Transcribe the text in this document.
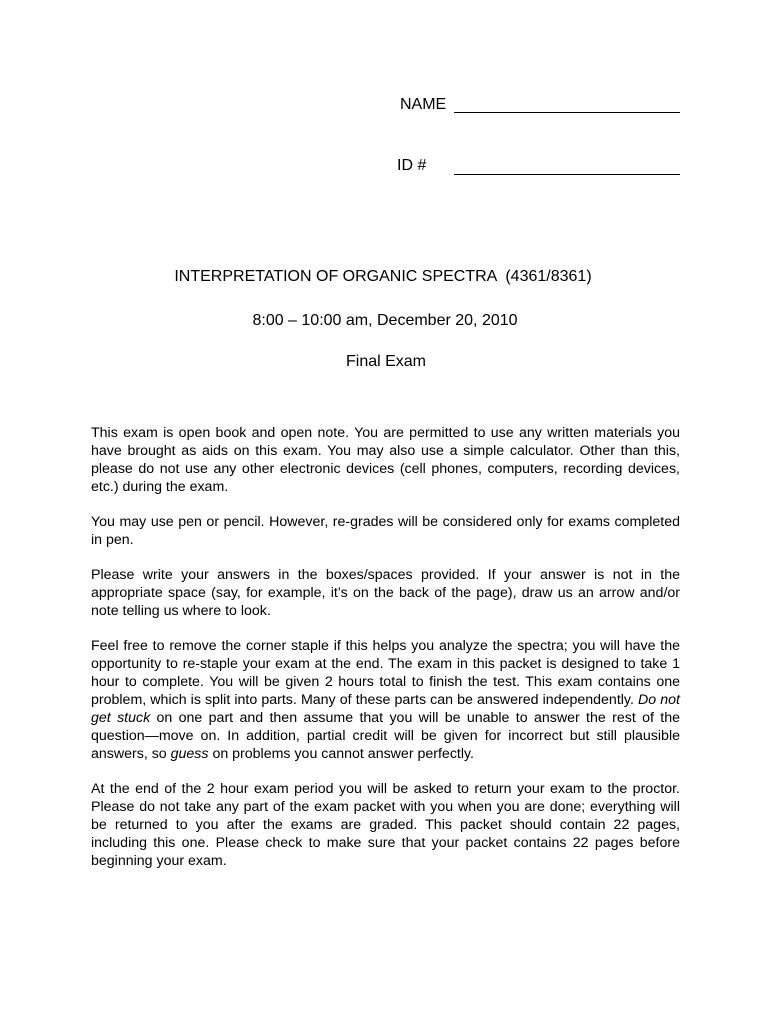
NAME
ID #
INTERPRETATION OF ORGANIC SPECTRA  (4361/8361)
8:00 – 10:00 am, December 20, 2010
Final Exam

This exam is open book and open note. You are permitted to use any written materials you have brought as aids on this exam. You may also use a simple calculator. Other than this, please do not use any other electronic devices (cell phones, computers, recording devices, etc.) during the exam.

You may use pen or pencil. However, re-grades will be considered only for exams completed in pen.

Please write your answers in the boxes/spaces provided. If your answer is not in the appropriate space (say, for example, it’s on the back of the page), draw us an arrow and/or note telling us where to look.

Feel free to remove the corner staple if this helps you analyze the spectra; you will have the opportunity to re-staple your exam at the end. The exam in this packet is designed to take 1 hour to complete. You will be given 2 hours total to finish the test. This exam contains one problem, which is split into parts. Many of these parts can be answered independently. Do not get stuck on one part and then assume that you will be unable to answer the rest of the question—move on. In addition, partial credit will be given for incorrect but still plausible answers, so guess on problems you cannot answer perfectly.

At the end of the 2 hour exam period you will be asked to return your exam to the proctor. Please do not take any part of the exam packet with you when you are done; everything will be returned to you after the exams are graded. This packet should contain 22 pages, including this one. Please check to make sure that your packet contains 22 pages before beginning your exam.
